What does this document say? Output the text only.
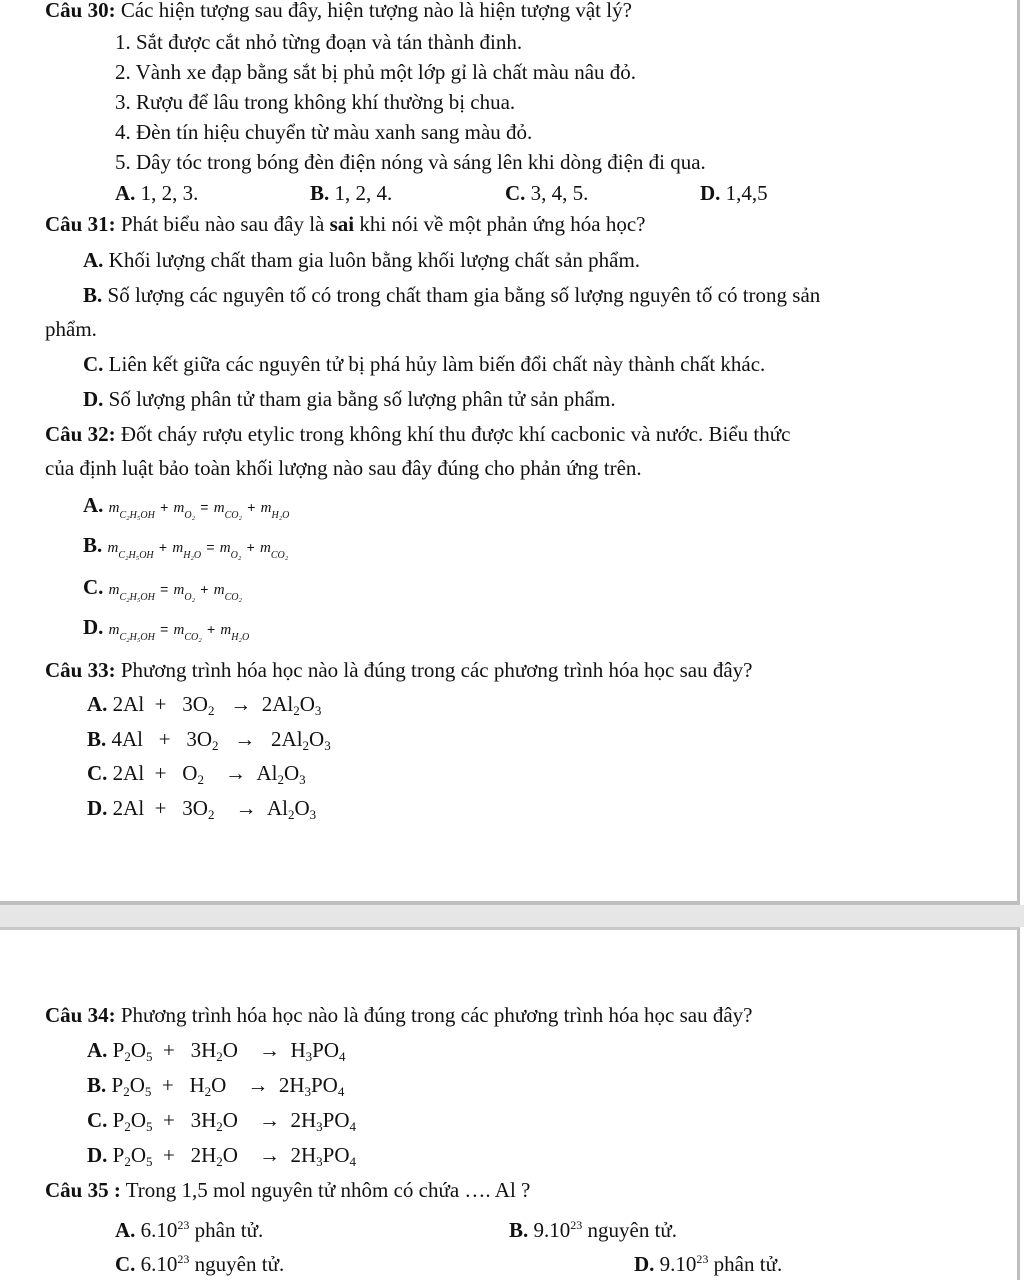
Câu 30: Các hiện tượng sau đây, hiện tượng nào là hiện tượng vật lý?
1. Sắt được cắt nhỏ từng đoạn và tán thành đinh.
2. Vành xe đạp bằng sắt bị phủ một lớp gỉ là chất màu nâu đỏ.
3. Rượu để lâu trong không khí thường bị chua.
4. Đèn tín hiệu chuyển từ màu xanh sang màu đỏ.
5. Dây tóc trong bóng đèn điện nóng và sáng lên khi dòng điện đi qua.
A. 1, 2, 3.	B. 1, 2, 4.	C. 3, 4, 5.	D. 1,4,5
Câu 31: Phát biểu nào sau đây là sai khi nói về một phản ứng hóa học?
A. Khối lượng chất tham gia luôn bằng khối lượng chất sản phẩm.
B. Số lượng các nguyên tố có trong chất tham gia bằng số lượng nguyên tố có trong sản
phẩm.
C. Liên kết giữa các nguyên tử bị phá hủy làm biến đổi chất này thành chất khác.
D. Số lượng phân tử tham gia bằng số lượng phân tử sản phẩm.
Câu 32: Đốt cháy rượu etylic trong không khí thu được khí cacbonic và nước. Biểu thức
của định luật bảo toàn khối lượng nào sau đây đúng cho phản ứng trên.
A. $m_{C_2H_5OH} + m_{O_2} = m_{CO_2} + m_{H_2O}$
B. $m_{C_2H_5OH} + m_{H_2O} = m_{O_2} + m_{CO_2}$
C. $m_{C_2H_5OH} = m_{O_2} + m_{CO_2}$
D. $m_{C_2H_5OH} = m_{CO_2} + m_{H_2O}$
Câu 33: Phương trình hóa học nào là đúng trong các phương trình hóa học sau đây?
A. $2Al + 3O_2 \to 2Al_2O_3$
B. $4Al + 3O_2 \to 2Al_2O_3$
C. $2Al + O_2 \to Al_2O_3$
D. $2Al + 3O_2 \to Al_2O_3$
Câu 34: Phương trình hóa học nào là đúng trong các phương trình hóa học sau đây?
A. $P_2O_5 + 3H_2O \to H_3PO_4$
B. $P_2O_5 + H_2O \to 2H_3PO_4$
C. $P_2O_5 + 3H_2O \to 2H_3PO_4$
D. $P_2O_5 + 2H_2O \to 2H_3PO_4$
Câu 35 : Trong 1,5 mol nguyên tử nhôm có chứa …. Al ?
A. 6.10$^{23}$ phân tử.	B. 9.10$^{23}$ nguyên tử.
C. 6.10$^{23}$ nguyên tử.	D. 9.10$^{23}$ phân tử.
